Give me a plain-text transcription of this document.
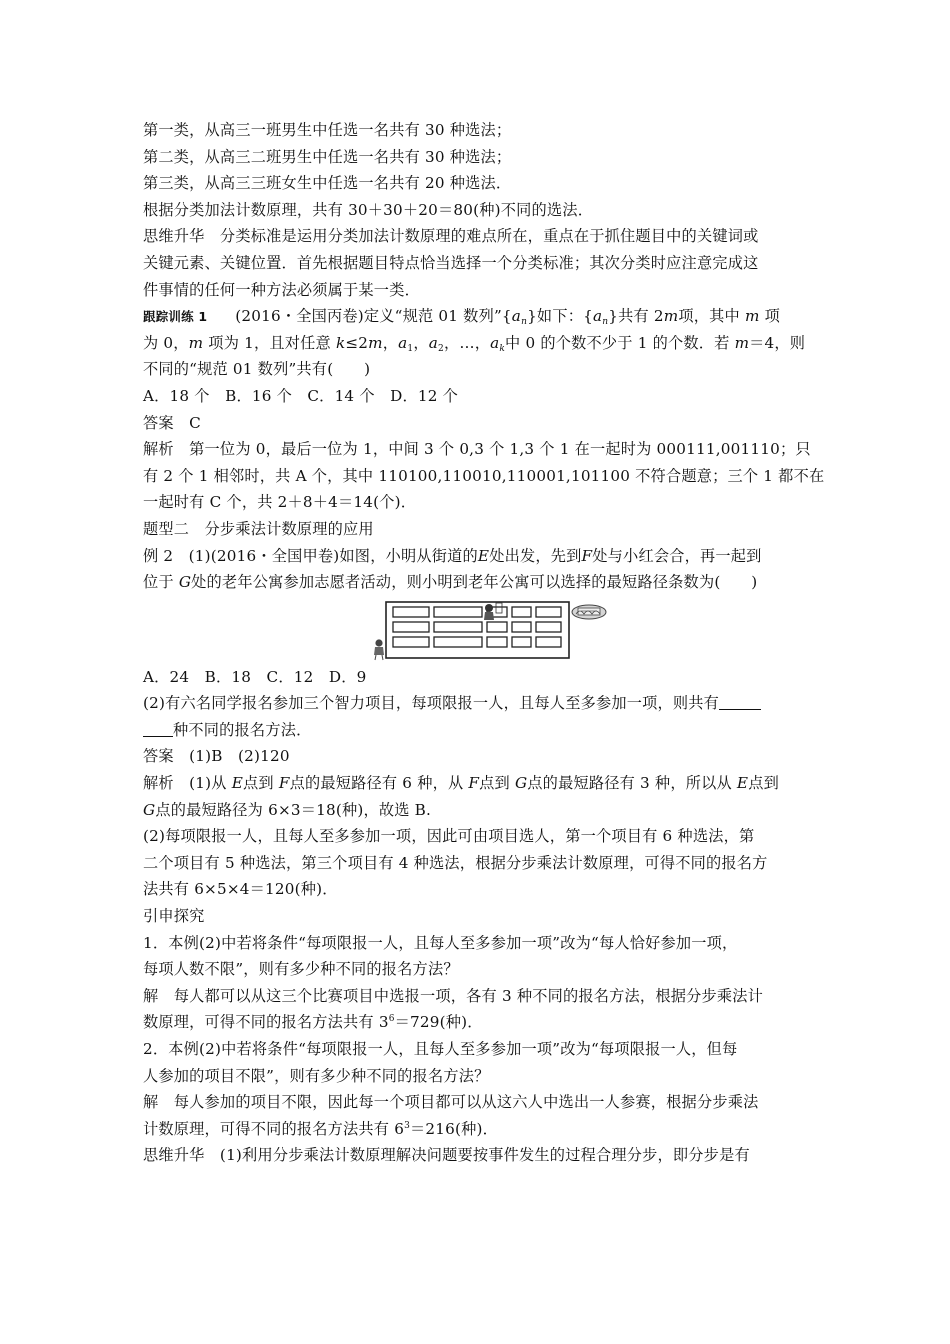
第一类，从高三一班男生中任选一名共有 30 种选法；
第二类，从高三二班男生中任选一名共有 30 种选法；
第三类，从高三三班女生中任选一名共有 20 种选法．
根据分类加法计数原理，共有 30＋30＋20＝80(种)不同的选法．
思维升华　分类标准是运用分类加法计数原理的难点所在，重点在于抓住题目中的关键词或
关键元素、关键位置．首先根据题目特点恰当选择一个分类标准；其次分类时应注意完成这
件事情的任何一种方法必须属于某一类．
跟踪训练 1 (2016・全国丙卷)定义“规范 01 数列$”\{a_n\}$如下：$\{a_n\}$共有 2m项，其中 m 项
为 0，m 项为 1，且对任意 k≤2m，$a_1$，$a_2$，…，$a_k$中 0 的个数不少于 1 的个数．若 m＝4，则
不同的“规范 01 数列”共有(　　)
A．18 个　B．16 个　C．14 个　D．12 个
答案　C
解析　第一位为 0，最后一位为 1，中间 3 个 0,3 个 1,3 个 1 在一起时为 000111,001110；只
有 2 个 1 相邻时，共 A 个，其中 110100,110010,110001,101100 不符合题意；三个 1 都不在
一起时有 C 个，共 2＋8＋4＝14(个)．
题型二　分步乘法计数原理的应用
例 2　(1)(2016・全国甲卷)如图，小明从街道的E处出发，先到F处与小红会合，再一起到
位于 G处的老年公寓参加志愿者活动，则小明到老年公寓可以选择的最短路径条数为(　　)
A．24　B．18　C．12　D．9
(2)有六名同学报名参加三个智力项目，每项限报一人，且每人至多参加一项，则共有
种不同的报名方法．
答案　(1)B　(2)120
解析　(1)从 E点到 F点的最短路径有 6 种，从 F点到 G点的最短路径有 3 种，所以从 E点到
G点的最短路径为 6×3＝18(种)，故选 B.
(2)每项限报一人，且每人至多参加一项，因此可由项目选人，第一个项目有 6 种选法，第
二个项目有 5 种选法，第三个项目有 4 种选法，根据分步乘法计数原理，可得不同的报名方
法共有 6×5×4＝120(种)．
引申探究
1．本例(2)中若将条件“每项限报一人，且每人至多参加一项”改为“每人恰好参加一项，
每项人数不限”，则有多少种不同的报名方法？
解　每人都可以从这三个比赛项目中选报一项，各有 3 种不同的报名方法，根据分步乘法计
数原理，可得不同的报名方法共有 $3^6=729$(种)．
2．本例(2)中若将条件“每项限报一人，且每人至多参加一项”改为“每项限报一人，但每
人参加的项目不限”，则有多少种不同的报名方法？
解　每人参加的项目不限，因此每一个项目都可以从这六人中选出一人参赛，根据分步乘法
计数原理，可得不同的报名方法共有 $6^3=216$(种)．
思维升华　(1)利用分步乘法计数原理解决问题要按事件发生的过程合理分步，即分步是有
